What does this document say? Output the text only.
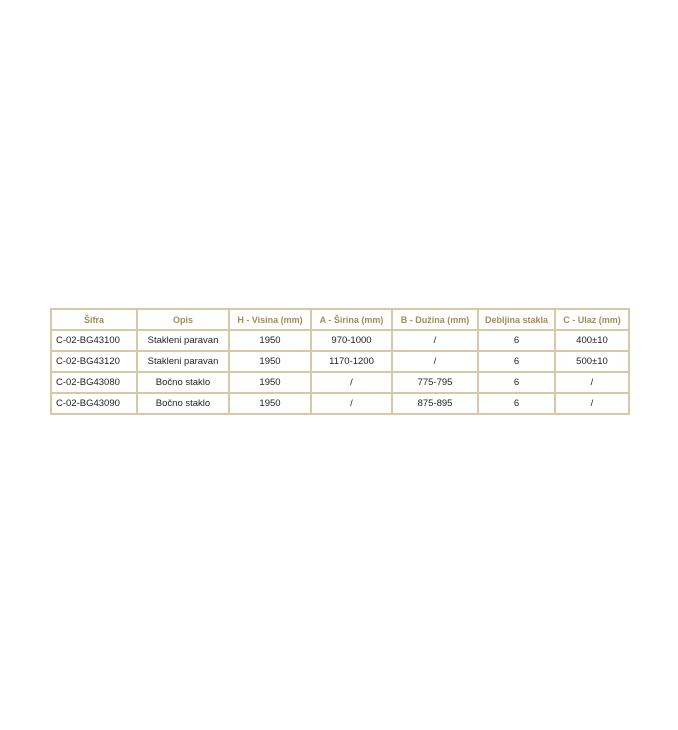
Šifra	Opis	H - Visina (mm)	A - Širina (mm)	B - Dužina (mm)	Debljina stakla	C - Ulaz (mm)
C-02-BG43100	Stakleni paravan	1950	970-1000	/	6	400±10
C-02-BG43120	Stakleni paravan	1950	1170-1200	/	6	500±10
C-02-BG43080	Bočno staklo	1950	/	775-795	6	/
C-02-BG43090	Bočno staklo	1950	/	875-895	6	/
